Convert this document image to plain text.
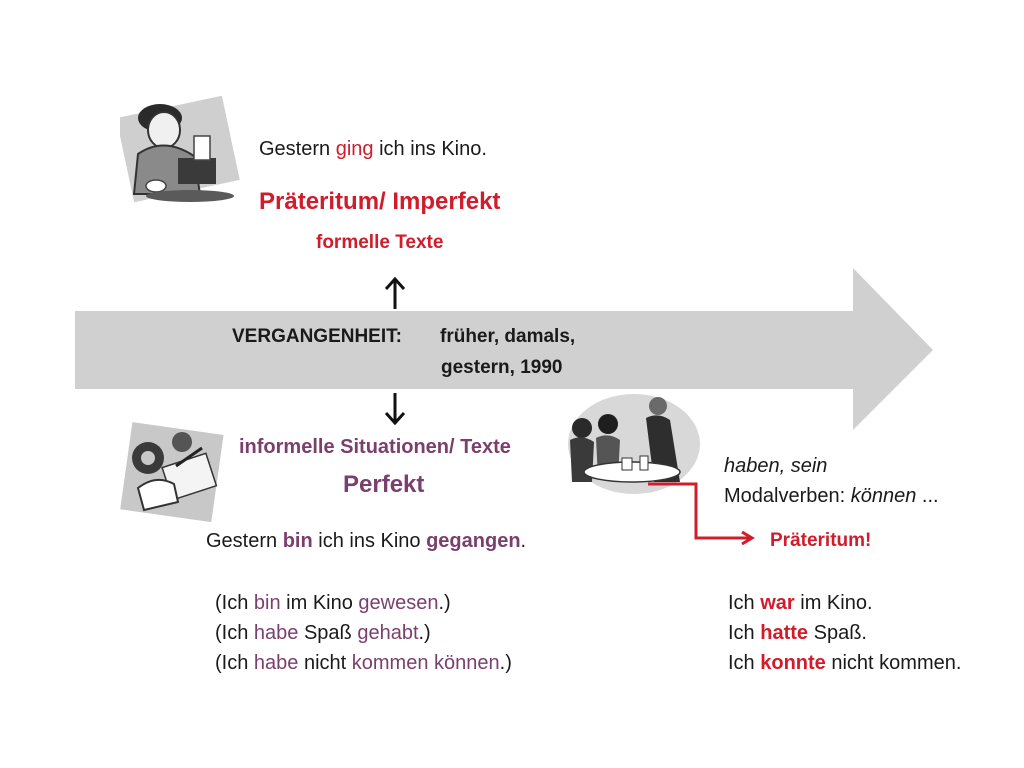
VERGANGENHEIT: früher, damals,
gestern, 1990
Gestern ging ich ins Kino.
Präteritum/ Imperfekt
formelle Texte
informelle Situationen/ Texte
Perfekt
Gestern bin ich ins Kino gegangen.
(Ich bin im Kino gewesen.)
(Ich habe Spaß gehabt.)
(Ich habe nicht kommen können.)
haben, sein
Modalverben: können ...
Präteritum!
Ich war im Kino.
Ich hatte Spaß.
Ich konnte nicht kommen.
